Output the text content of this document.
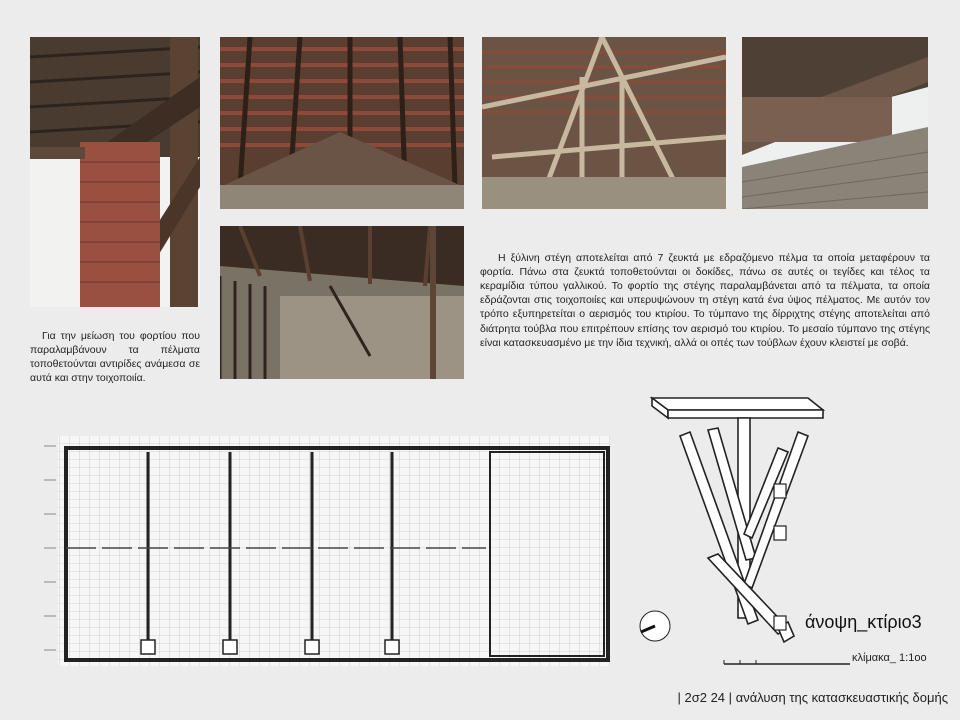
Για την μείωση του φορτίου που παραλαμβάνουν τα πέλματα τοποθετούνται αντιρίδες ανάμεσα σε αυτά και στην τοιχοποιία.

Η ξύλινη στέγη αποτελείται από 7 ζευκτά με εδραζόμενο πέλμα τα οποία μεταφέρουν τα φορτία. Πάνω στα ζευκτά τοποθετούνται οι δοκίδες, πάνω σε αυτές οι τεγίδες και τέλος τα κεραμίδια τύπου γαλλικού. Το φορτίο της στέγης παραλαμβάνεται από τα πέλματα, τα οποία εδράζονται στις τοιχοποιίες και υπερυψώνουν τη στέγη κατά ένα ύψος πέλματος. Με αυτόν τον τρόπο εξυπηρετείται ο αερισμός του κτιρίου. Το τύμπανο της δίρριχτης στέγης αποτελείται από διάτρητα τούβλα που επιτρέπουν επίσης τον αερισμό του κτιρίου. Το μεσαίο τύμπανο της στέγης είναι κατασκευασμένο με την ίδια τεχνική, αλλά οι οπές των τούβλων έχουν κλειστεί με σοβά.

άνοψη_κτίριο3
κλίμακα_ 1:1οο
| 2σ2 24 | ανάλυση της κατασκευαστικής δομής
